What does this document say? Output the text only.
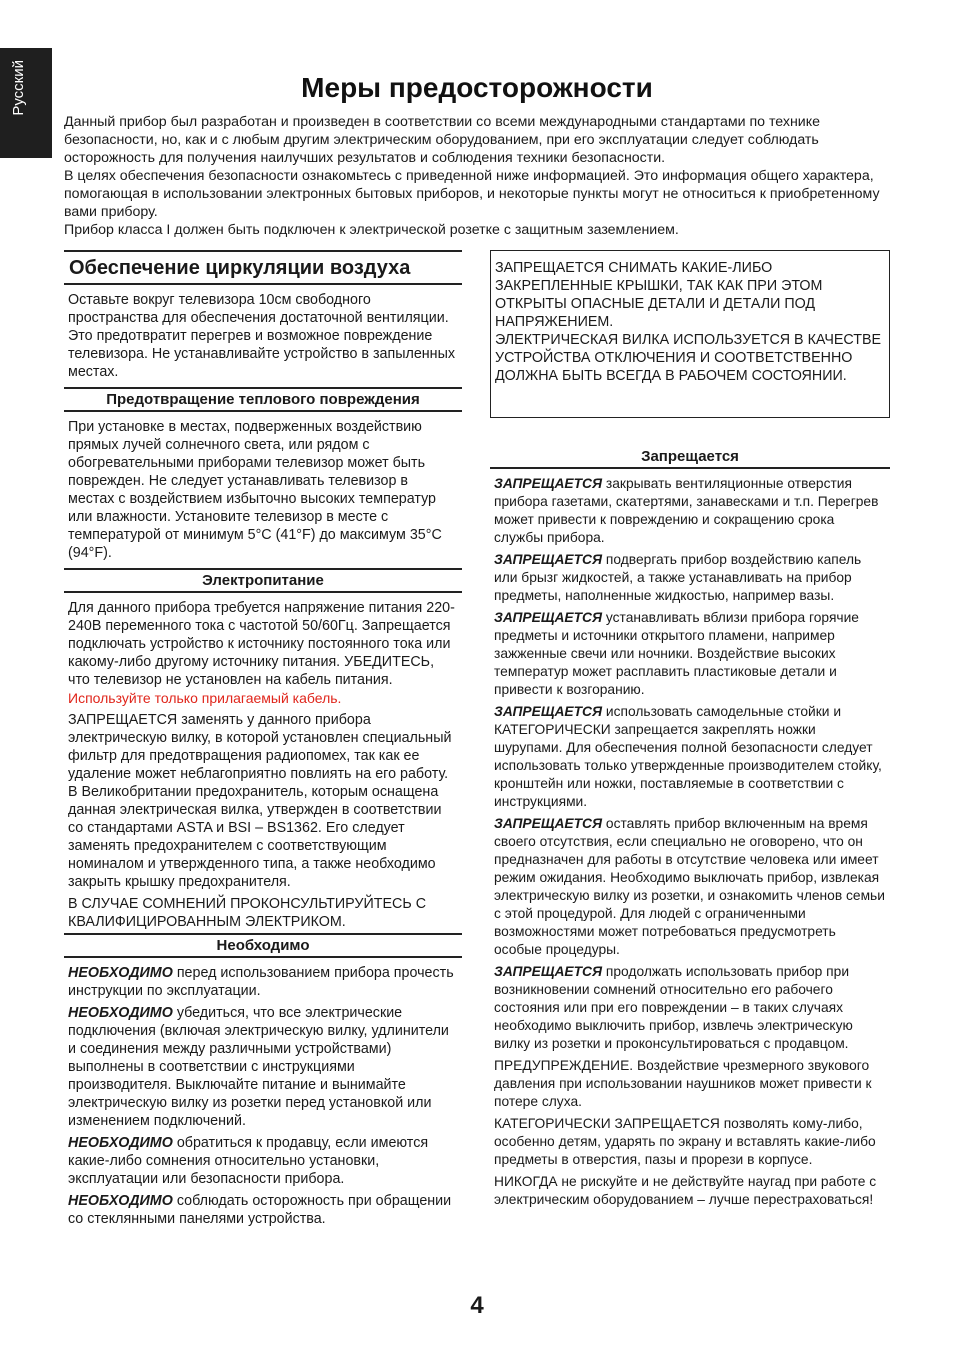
Русский	Меры предосторожности

Данный прибор был разработан и произведен в соответствии со всеми международными стандартами по технике безопасности, но, как и с любым другим электрическим оборудованием, при его эксплуатации следует соблюдать осторожность для получения наилучших результатов и соблюдения техники безопасности.

В целях обеспечения безопасности ознакомьтесь с приведенной ниже информацией. Это информация общего характера, помогающая в использовании электронных бытовых приборов, и некоторые пункты могут не относиться к приобретенному вами прибору.

Прибор класса I должен быть подключен к электрической розетке с защитным заземлением.

Обеспечение циркуляции воздуха

Оставьте вокруг телевизора 10см свободного пространства для обеспечения достаточной вентиляции. Это предотвратит перегрев и возможное повреждение телевизора. Не устанавливайте устройство в запыленных местах.

Предотвращение теплового повреждения

При установке в местах, подверженных воздействию прямых лучей солнечного света, или рядом с обогревательными приборами телевизор может быть поврежден. Не следует устанавливать телевизор в местах с воздействием избыточно высоких температур или влажности. Установите телевизор в месте с температурой от минимум 5°C (41°F) до максимум 35°C (94°F).

Электропитание

Для данного прибора требуется напряжение питания 220-240В переменного тока с частотой 50/60Гц. Запрещается подключать устройство к источнику постоянного тока или какому-либо другому источнику питания. УБЕДИТЕСЬ, что телевизор не установлен на кабель питания.

Используйте только прилагаемый кабель.

ЗАПРЕЩАЕТСЯ заменять у данного прибора электрическую вилку, в которой установлен специальный фильтр для предотвращения радиопомех, так как ее удаление может неблагоприятно повлиять на его работу. В Великобритании предохранитель, которым оснащена данная электрическая вилка, утвержден в соответствии со стандартами ASTA и BSI – BS1362. Его следует заменять предохранителем с соответствующим номиналом и утвержденного типа, а также необходимо закрыть крышку предохранителя.

В СЛУЧАЕ СОМНЕНИЙ ПРОКОНСУЛЬТИРУЙТЕСЬ С КВАЛИФИЦИРОВАННЫМ ЭЛЕКТРИКОМ.

Необходимо

НЕОБХОДИМО перед использованием прибора прочесть инструкции по эксплуатации.

НЕОБХОДИМО убедиться, что все электрические подключения (включая электрическую вилку, удлинители и соединения между различными устройствами) выполнены в соответствии с инструкциями производителя. Выключайте питание и вынимайте электрическую вилку из розетки перед установкой или изменением подключений.

НЕОБХОДИМО обратиться к продавцу, если имеются какие-либо сомнения относительно установки, эксплуатации или безопасности прибора.

НЕОБХОДИМО соблюдать осторожность при обращении со стеклянными панелями устройства.

ЗАПРЕЩАЕТСЯ СНИМАТЬ КАКИЕ-ЛИБО ЗАКРЕПЛЕННЫЕ КРЫШКИ, ТАК КАК ПРИ ЭТОМ ОТКРЫТЫ ОПАСНЫЕ ДЕТАЛИ И ДЕТАЛИ ПОД НАПРЯЖЕНИЕМ.

ЭЛЕКТРИЧЕСКАЯ ВИЛКА ИСПОЛЬЗУЕТСЯ В КАЧЕСТВЕ УСТРОЙСТВА ОТКЛЮЧЕНИЯ И СООТВЕТСТВЕННО ДОЛЖНА БЫТЬ ВСЕГДА В РАБОЧЕМ СОСТОЯНИИ.

Запрещается

ЗАПРЕЩАЕТСЯ закрывать вентиляционные отверстия прибора газетами, скатертями, занавесками и т.п. Перегрев может привести к повреждению и сокращению срока службы прибора.

ЗАПРЕЩАЕТСЯ подвергать прибор воздействию капель или брызг жидкостей, а также устанавливать на прибор предметы, наполненные жидкостью, например вазы.

ЗАПРЕЩАЕТСЯ устанавливать вблизи прибора горячие предметы и источники открытого пламени, например зажженные свечи или ночники. Воздействие высоких температур может расплавить пластиковые детали и привести к возгоранию.

ЗАПРЕЩАЕТСЯ использовать самодельные стойки и КАТЕГОРИЧЕСКИ запрещается закреплять ножки шурупами. Для обеспечения полной безопасности следует использовать только утвержденные производителем стойку, кронштейн или ножки, поставляемые в соответствии с инструкциями.

ЗАПРЕЩАЕТСЯ оставлять прибор включенным на время своего отсутствия, если специально не оговорено, что он предназначен для работы в отсутствие человека или имеет режим ожидания. Необходимо выключать прибор, извлекая электрическую вилку из розетки, и ознакомить членов семьи с этой процедурой. Для людей с ограниченными возможностями может потребоваться предусмотреть особые процедуры.

ЗАПРЕЩАЕТСЯ продолжать использовать прибор при возникновении сомнений относительно его рабочего состояния или при его повреждении – в таких случаях необходимо выключить прибор, извлечь электрическую вилку из розетки и проконсультироваться с продавцом.

ПРЕДУПРЕЖДЕНИЕ. Воздействие чрезмерного звукового давления при использовании наушников может привести к потере слуха.

КАТЕГОРИЧЕСКИ ЗАПРЕЩАЕТСЯ позволять кому-либо, особенно детям, ударять по экрану и вставлять какие-либо предметы в отверстия, пазы и прорези в корпусе.

НИКОГДА не рискуйте и не действуйте наугад при работе с электрическим оборудованием – лучше перестраховаться!

4
